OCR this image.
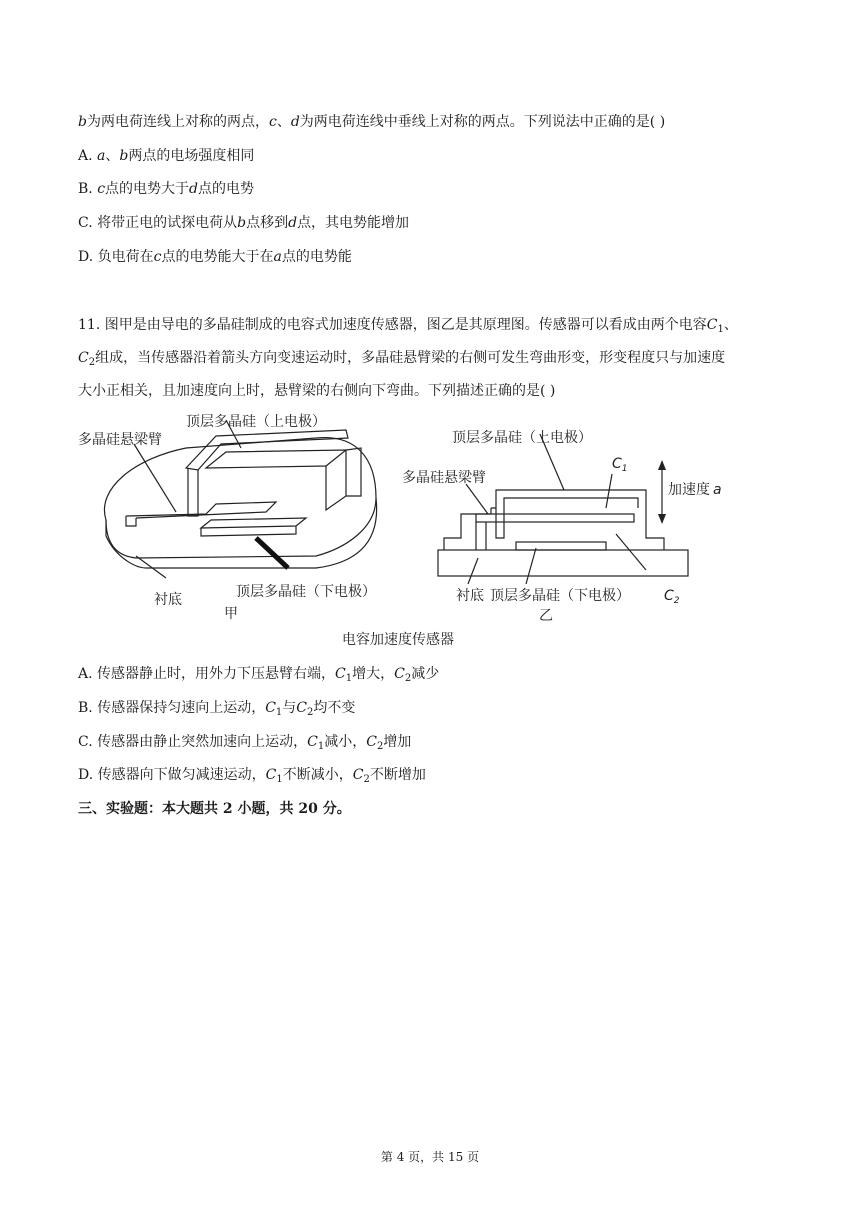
b为两电荷连线上对称的两点，c、d为两电荷连线中垂线上对称的两点。下列说法中正确的是( )
A. a、b两点的电场强度相同
B. c点的电势大于d点的电势
C. 将带正电的试探电荷从b点移到d点，其电势能增加
D. 负电荷在c点的电势能大于在a点的电势能
11. 图甲是由导电的多晶硅制成的电容式加速度传感器，图乙是其原理图。传感器可以看成由两个电容$C_1$、
$C_2$组成，当传感器沿着箭头方向变速运动时，多晶硅悬臂梁的右侧可发生弯曲形变，形变程度只与加速度
大小正相关，且加速度向上时，悬臂梁的右侧向下弯曲。下列描述正确的是( )
顶层多晶硅（上电极）
多晶硅悬梁臂
顶层多晶硅（下电极）
衬底
甲
顶层多晶硅（上电极）
多晶硅悬梁臂
$C_1$
加速度 a
衬底 顶层多晶硅（下电极） $C_2$
乙
电容加速度传感器
A. 传感器静止时，用外力下压悬臂右端，$C_1$增大，$C_2$减少
B. 传感器保持匀速向上运动，$C_1$与$C_2$均不变
C. 传感器由静止突然加速向上运动，$C_1$减小，$C_2$增加
D. 传感器向下做匀减速运动，$C_1$不断减小，$C_2$不断增加
三、实验题：本大题共 2 小题，共 20 分。
第 4 页，共 15 页
